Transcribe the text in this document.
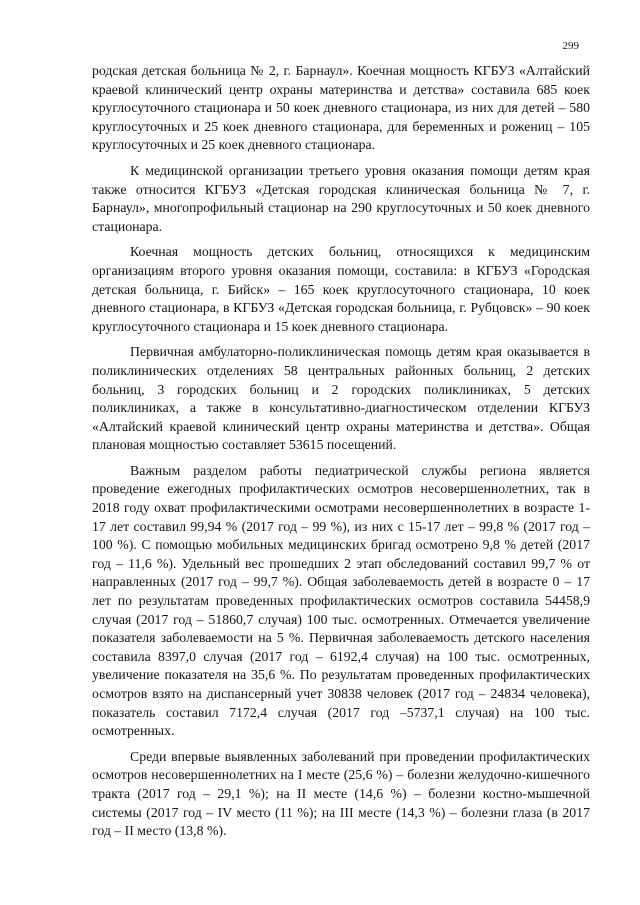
299

родская детская больница № 2, г. Барнаул». Коечная мощность КГБУЗ «Алтайский краевой клинический центр охраны материнства и детства» составила 685 коек круглосуточного стационара и 50 коек дневного стационара, из них для детей – 580 круглосуточных и 25 коек дневного стационара, для беременных и рожениц – 105 круглосуточных и 25 коек дневного стационара.

К медицинской организации третьего уровня оказания помощи детям края также относится КГБУЗ «Детская городская клиническая больница № 7, г. Барнаул», многопрофильный стационар на 290 круглосуточных и 50 коек дневного стационара.

Коечная мощность детских больниц, относящихся к медицинским организациям второго уровня оказания помощи, составила: в КГБУЗ «Городская детская больница, г. Бийск» – 165 коек круглосуточного стационара, 10 коек дневного стационара, в КГБУЗ «Детская городская больница, г. Рубцовск» – 90 коек круглосуточного стационара и 15 коек дневного стационара.

Первичная амбулаторно-поликлиническая помощь детям края оказывается в поликлинических отделениях 58 центральных районных больниц, 2 детских больниц, 3 городских больниц и 2 городских поликлиниках, 5 детских поликлиниках, а также в консультативно-диагностическом отделении КГБУЗ «Алтайский краевой клинический центр охраны материнства и детства». Общая плановая мощностью составляет 53615 посещений.

Важным разделом работы педиатрической службы региона является проведение ежегодных профилактических осмотров несовершеннолетних, так в 2018 году охват профилактическими осмотрами несовершеннолетних в возрасте 1-17 лет составил 99,94 % (2017 год – 99 %), из них с 15-17 лет – 99,8 % (2017 год – 100 %). С помощью мобильных медицинских бригад осмотрено 9,8 % детей (2017 год – 11,6 %). Удельный вес прошедших 2 этап обследований составил 99,7 % от направленных (2017 год – 99,7 %). Общая заболеваемость детей в возрасте 0 – 17 лет по результатам проведенных профилактических осмотров составила 54458,9 случая (2017 год – 51860,7 случая) 100 тыс. осмотренных. Отмечается увеличение показателя заболеваемости на 5 %. Первичная заболеваемость детского населения составила 8397,0 случая (2017 год – 6192,4 случая) на 100 тыс. осмотренных, увеличение показателя на 35,6 %. По результатам проведенных профилактических осмотров взято на диспансерный учет 30838 человек (2017 год – 24834 человека), показатель составил 7172,4 случая (2017 год –5737,1 случая) на 100 тыс. осмотренных.

Среди впервые выявленных заболеваний при проведении профилактических осмотров несовершеннолетних на I месте (25,6 %) – болезни желудочно-кишечного тракта (2017 год – 29,1 %); на II месте (14,6 %) – болезни костно-мышечной системы (2017 год – IV место (11 %); на III месте (14,3 %) – болезни глаза (в 2017 год – II место (13,8 %).
